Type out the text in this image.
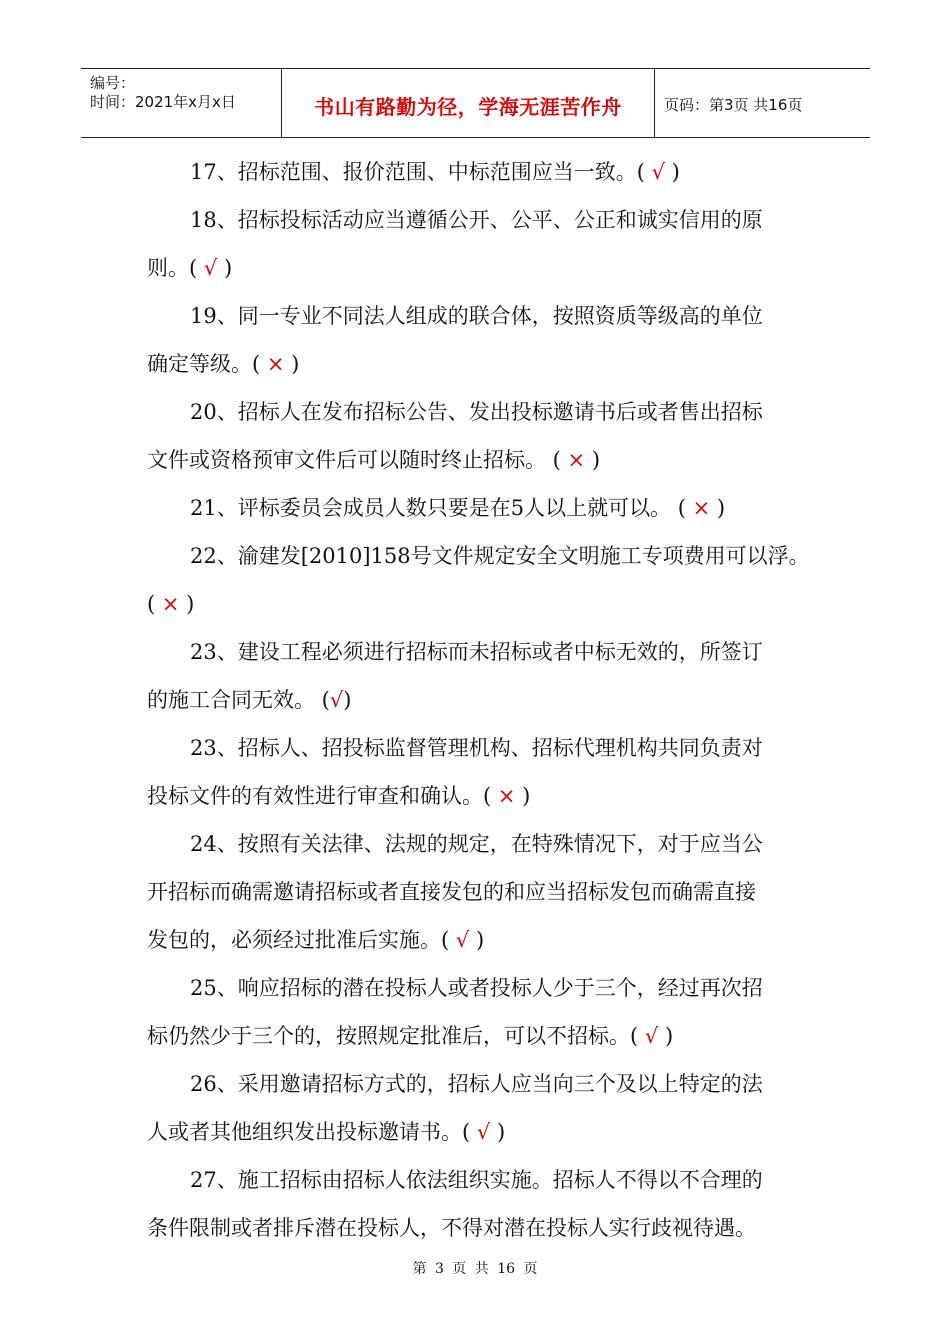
编号：
时间：2021年x月x日	书山有路勤为径，学海无涯苦作舟	页码：第3页 共16页
17、招标范围、报价范围、中标范围应当一致。( √ )
18、招标投标活动应当遵循公开、公平、公正和诚实信用的原
则。( √ )
19、同一专业不同法人组成的联合体，按照资质等级高的单位
确定等级。( × )
20、招标人在发布招标公告、发出投标邀请书后或者售出招标
文件或资格预审文件后可以随时终止招标。 ( × )
21、评标委员会成员人数只要是在5人以上就可以。 ( × )
22、渝建发[2010]158号文件规定安全文明施工专项费用可以浮。
( × )
23、建设工程必须进行招标而未招标或者中标无效的，所签订
的施工合同无效。 (√)
23、招标人、招投标监督管理机构、招标代理机构共同负责对
投标文件的有效性进行审查和确认。( × )
24、按照有关法律、法规的规定，在特殊情况下，对于应当公
开招标而确需邀请招标或者直接发包的和应当招标发包而确需直接
发包的，必须经过批准后实施。( √ )
25、响应招标的潜在投标人或者投标人少于三个，经过再次招
标仍然少于三个的，按照规定批准后，可以不招标。( √ )
26、采用邀请招标方式的，招标人应当向三个及以上特定的法
人或者其他组织发出投标邀请书。( √ )
27、施工招标由招标人依法组织实施。招标人不得以不合理的
条件限制或者排斥潜在投标人，不得对潜在投标人实行歧视待遇。
第 3 页 共 16 页
